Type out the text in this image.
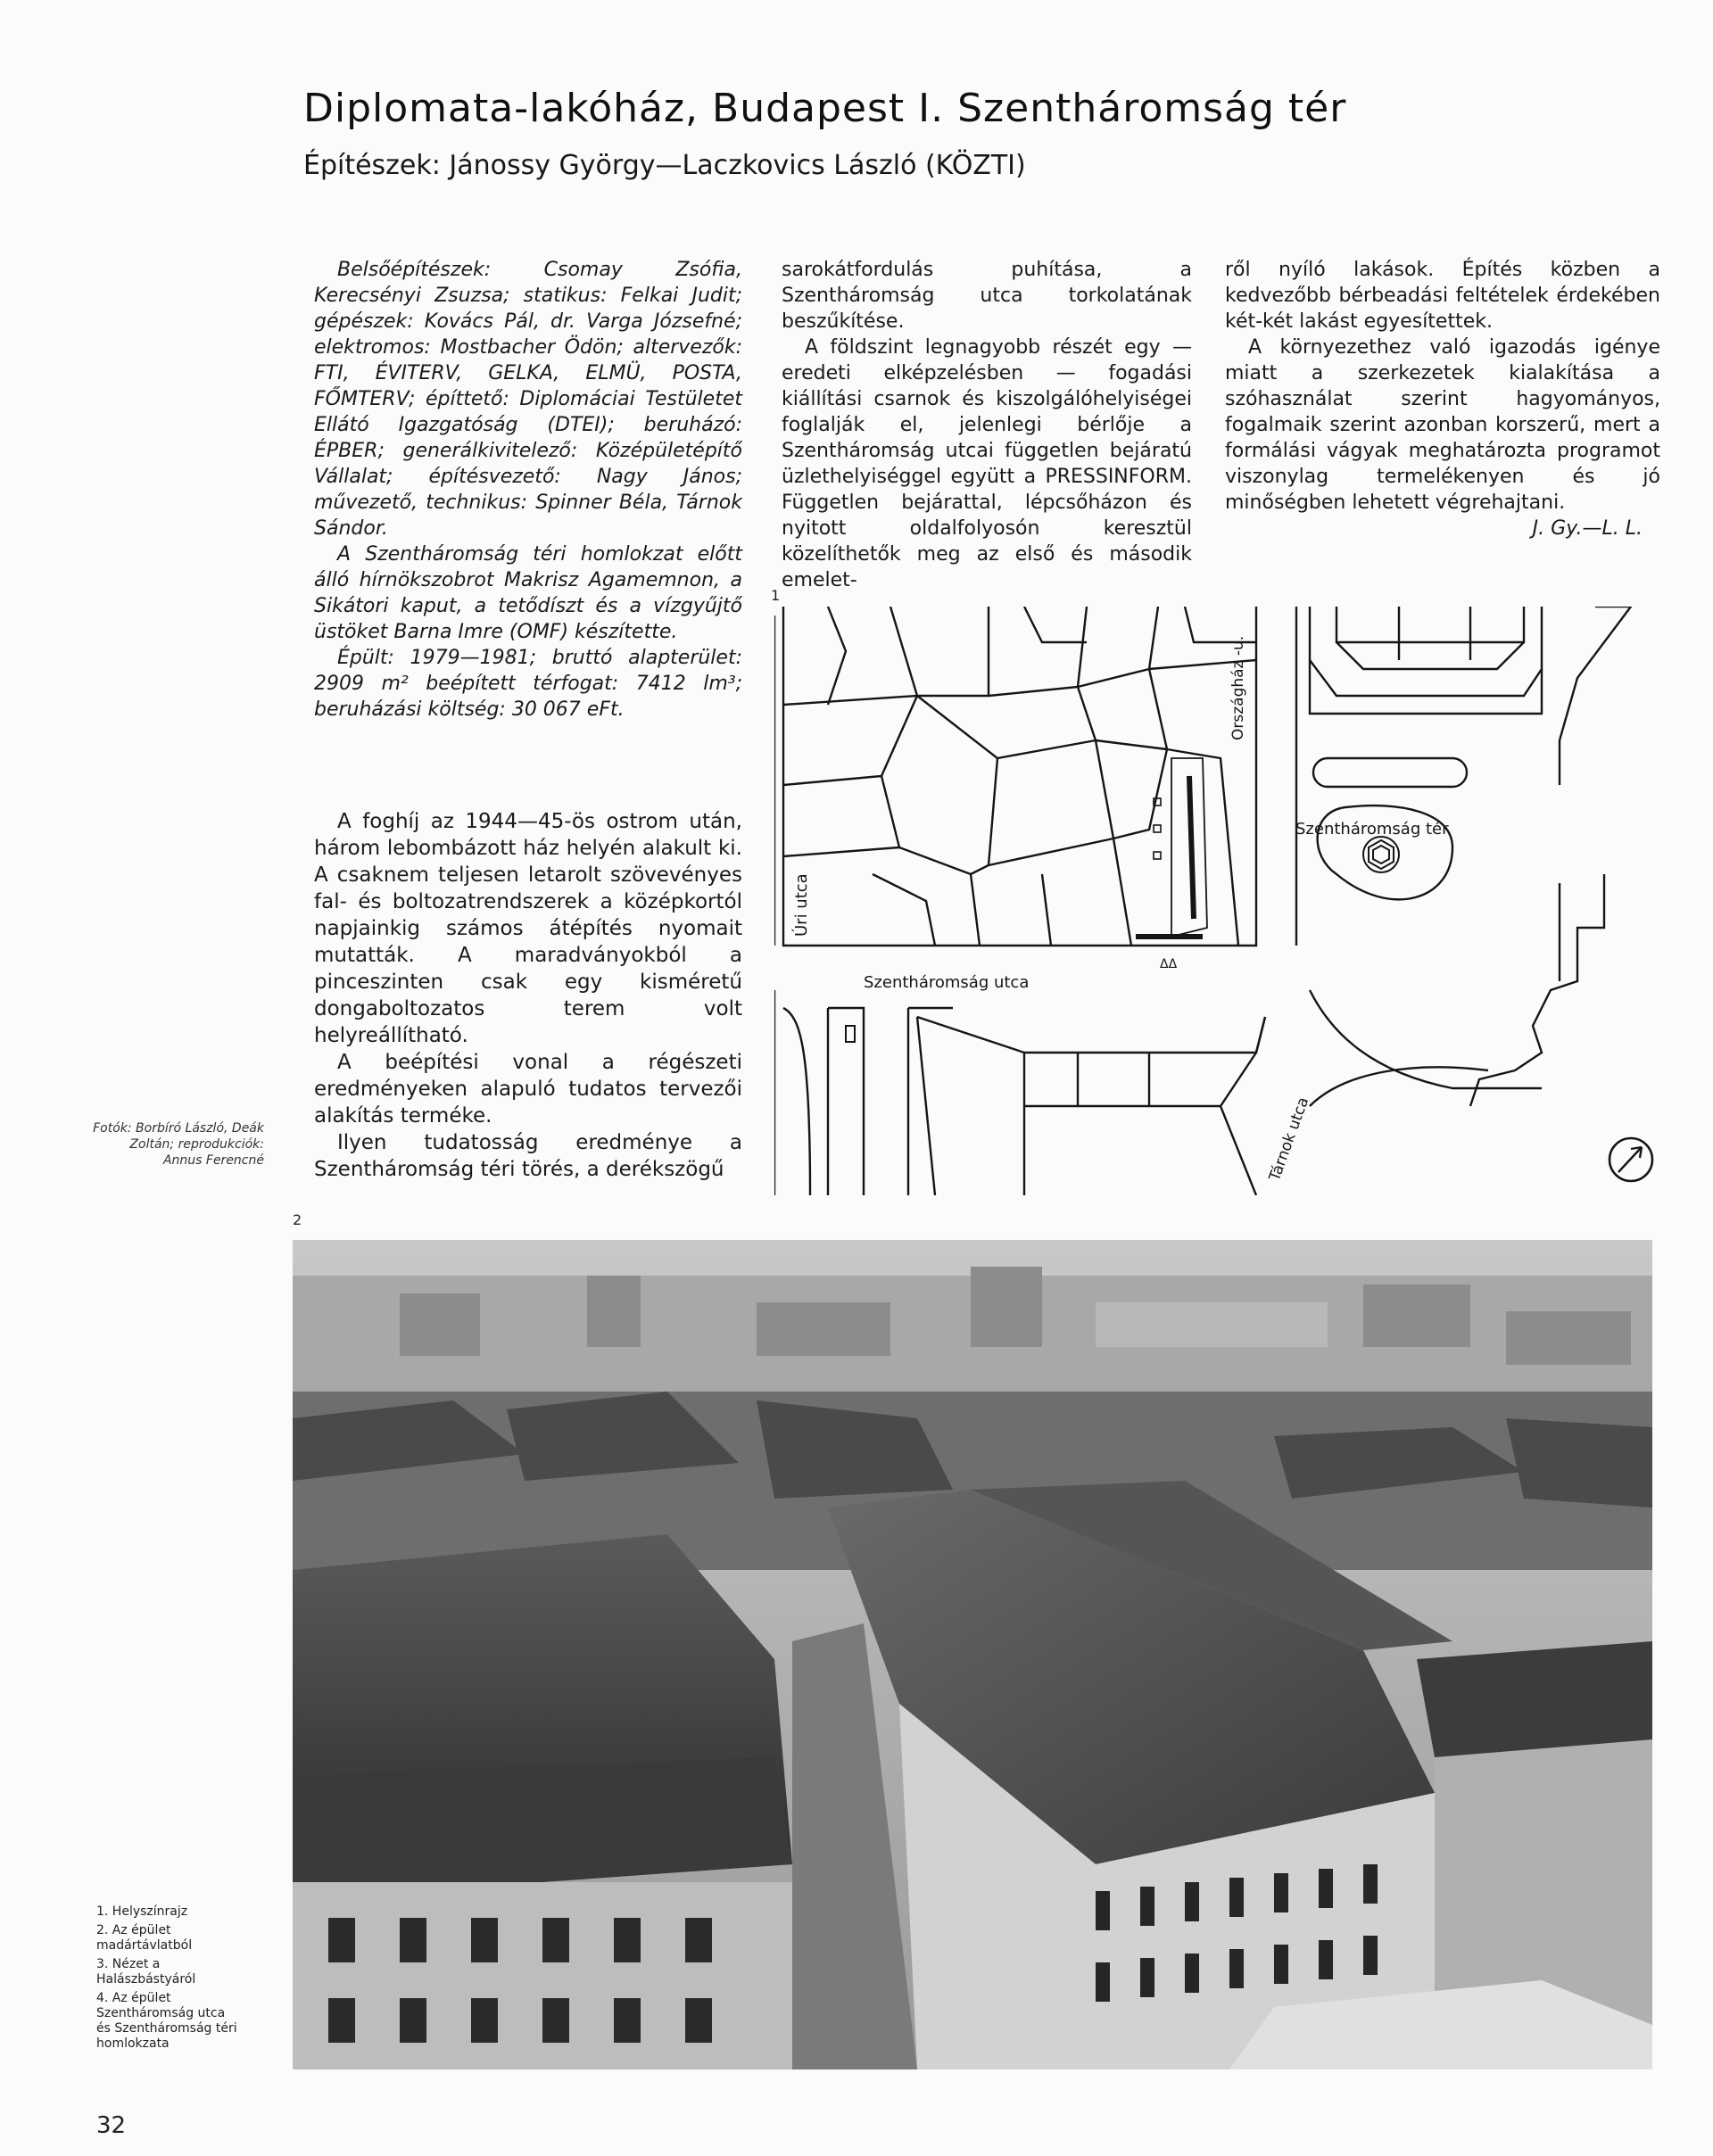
Diplomata-lakóház, Budapest I. Szentháromság tér
Építészek: Jánossy György—Laczkovics László (KÖZTI)

Belsőépítészek: Csomay Zsófia, Kerecsényi Zsuzsa; statikus: Felkai Judit; gépészek: Kovács Pál, dr. Varga Józsefné; elektromos: Mostbacher Ödön; altervezők: FTI, ÉVITERV, GELKA, ELMÜ, POSTA, FŐMTERV; építtető: Diplomáciai Testületet Ellátó Igazgatóság (DTEI); beruházó: ÉPBER; generálkivitelező: Középületépítő Vállalat; építésvezető: Nagy János; művezető, technikus: Spinner Béla, Tárnok Sándor.

A Szentháromság téri homlokzat előtt álló hírnökszobrot Makrisz Agamemnon, a Sikátori kaput, a tetődíszt és a vízgyűjtő üstöket Barna Imre (OMF) készítette.

Épült: 1979—1981; bruttó alapterület: 2909 m² beépített térfogat: 7412 lm³; beruházási költség: 30 067 eFt.

sarokátfordulás puhítása, a Szentháromság utca torkolatának beszűkítése.

A földszint legnagyobb részét egy — eredeti elképzelésben — fogadási kiállítási csarnok és kiszolgálóhelyiségei foglalják el, jelenlegi bérlője a Szentháromság utcai független bejáratú üzlethelyiséggel együtt a PRESSINFORM. Független bejárattal, lépcsőházon és nyitott oldalfolyosón keresztül közelíthetők meg az első és második emelet-

ről nyíló lakások. Építés közben a kedvezőbb bérbeadási feltételek érdekében két-két lakást egyesítettek.

A környezethez való igazodás igénye miatt a szerkezetek kialakítása a szóhasználat szerint hagyományos, fogalmaik szerint azonban korszerű, mert a formálási vágyak meghatározta programot viszonylag termelékenyen és jó minőségben lehetett végrehajtani.

J. Gy.—L. L.

A foghíj az 1944—45-ös ostrom után, három lebombázott ház helyén alakult ki. A csaknem teljesen letarolt szövevényes fal- és boltozatrendszerek a középkortól napjainkig számos átépítés nyomait mutatták. A maradványokból a pinceszinten csak egy kisméretű dongaboltozatos terem volt helyreállítható.

A beépítési vonal a régészeti eredményeken alapuló tudatos tervezői alakítás terméke.

Ilyen tudatosság eredménye a Szentháromság téri törés, a derékszögű

1
2
Úri utca
Szentháromság utca
Szentháromság tér
Országház -u.
Tárnok utca
ΔΔ
Fotók: Borbíró László, Deák Zoltán; reprodukciók: Annus Ferencné
1. Helyszínrajz
2. Az épület madártávlatból
3. Nézet a Halászbástyáról
4. Az épület Szentháromság utca és Szentháromság téri homlokzata
32
